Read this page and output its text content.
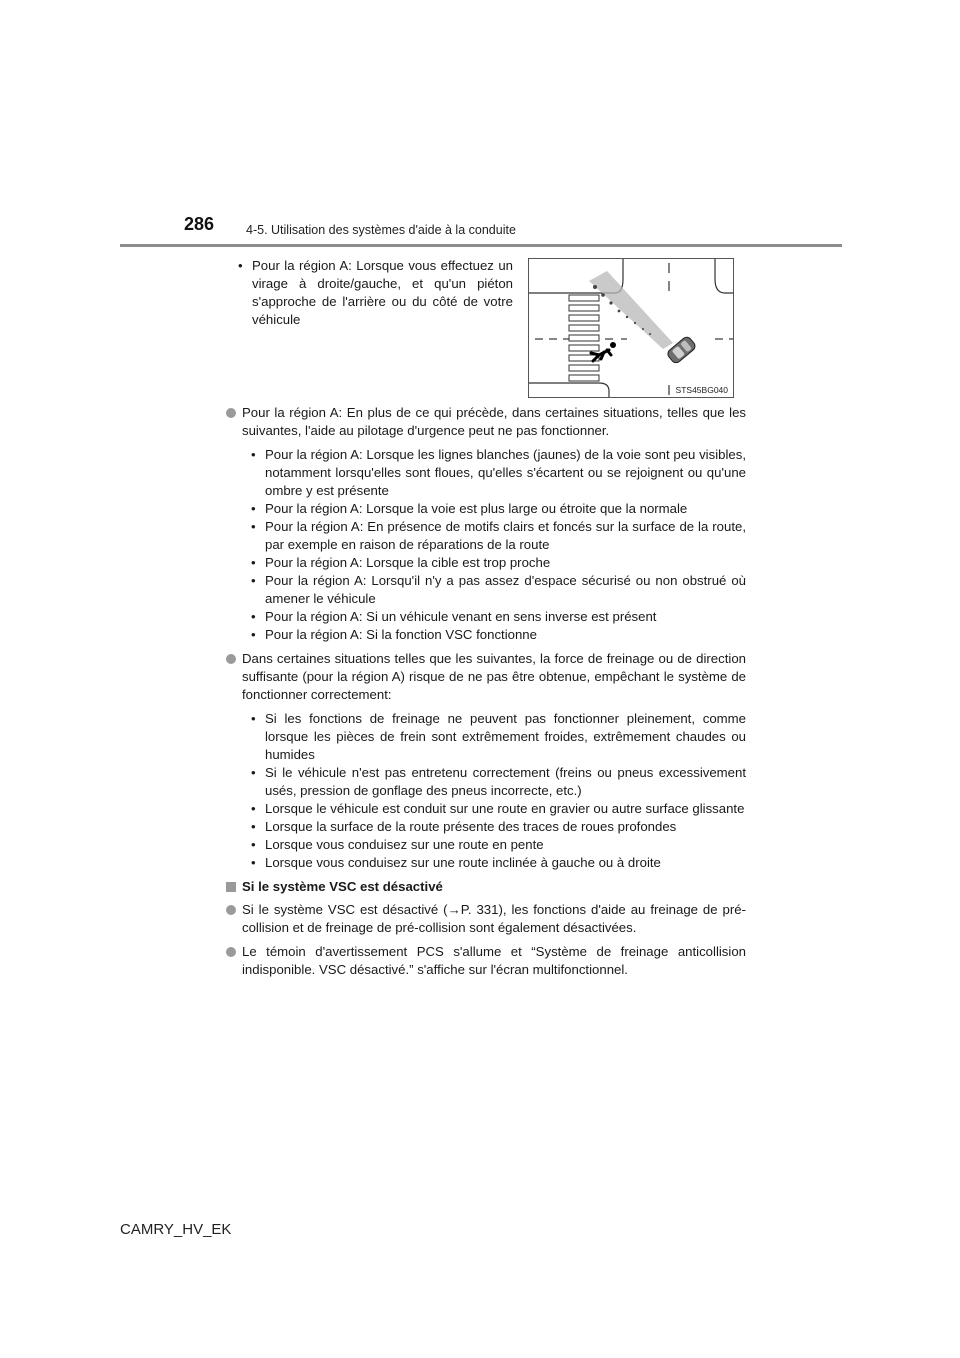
286	4-5. Utilisation des systèmes d'aide à la conduite
• Pour la région A: Lorsque vous effectuez un virage à droite/gauche, et qu'un piéton s'approche de l'arrière ou du côté de votre véhicule
STS45BG040
Pour la région A: En plus de ce qui précède, dans certaines situations, telles que les suivantes, l'aide au pilotage d'urgence peut ne pas fonctionner.
• Pour la région A: Lorsque les lignes blanches (jaunes) de la voie sont peu visibles, notamment lorsqu'elles sont floues, qu'elles s'écartent ou se rejoignent ou qu'une ombre y est présente
• Pour la région A: Lorsque la voie est plus large ou étroite que la normale
• Pour la région A: En présence de motifs clairs et foncés sur la surface de la route, par exemple en raison de réparations de la route
• Pour la région A: Lorsque la cible est trop proche
• Pour la région A: Lorsqu'il n'y a pas assez d'espace sécurisé ou non obstrué où amener le véhicule
• Pour la région A: Si un véhicule venant en sens inverse est présent
• Pour la région A: Si la fonction VSC fonctionne
Dans certaines situations telles que les suivantes, la force de freinage ou de direction suffisante (pour la région A) risque de ne pas être obtenue, empêchant le système de fonctionner correctement:
• Si les fonctions de freinage ne peuvent pas fonctionner pleinement, comme lorsque les pièces de frein sont extrêmement froides, extrêmement chaudes ou humides
• Si le véhicule n'est pas entretenu correctement (freins ou pneus excessivement usés, pression de gonflage des pneus incorrecte, etc.)
• Lorsque le véhicule est conduit sur une route en gravier ou autre surface glissante
• Lorsque la surface de la route présente des traces de roues profondes
• Lorsque vous conduisez sur une route en pente
• Lorsque vous conduisez sur une route inclinée à gauche ou à droite
Si le système VSC est désactivé
Si le système VSC est désactivé (→P. 331), les fonctions d'aide au freinage de pré-collision et de freinage de pré-collision sont également désactivées.
Le témoin d'avertissement PCS s'allume et “Système de freinage anticollision indisponible. VSC désactivé.” s'affiche sur l'écran multifonctionnel.
CAMRY_HV_EK
